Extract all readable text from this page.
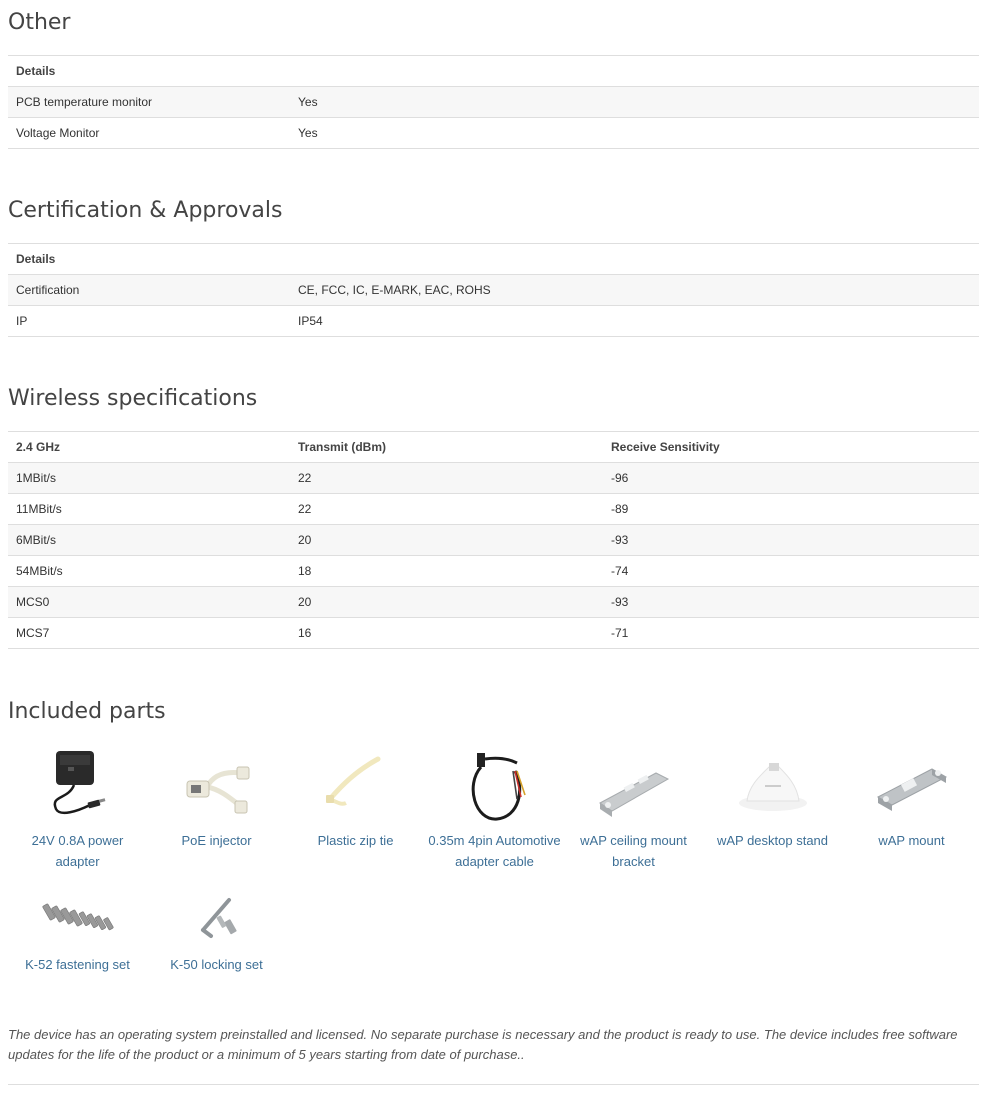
Other
Details	
PCB temperature monitor	Yes
Voltage Monitor	Yes
Certification & Approvals
Details	
Certification	CE, FCC, IC, E-MARK, EAC, ROHS
IP	IP54
Wireless specifications
2.4 GHz	Transmit (dBm)	Receive Sensitivity
1MBit/s	22	-96
11MBit/s	22	-89
6MBit/s	20	-93
54MBit/s	18	-74
MCS0	20	-93
MCS7	16	-71
Included parts
24V 0.8A power adapter
PoE injector	Plastic zip tie	0.35m 4pin Automotive adapter cable
wAP ceiling mount bracket
wAP desktop stand	wAP mount
K-52 fastening set	K-50 locking set

The device has an operating system preinstalled and licensed. No separate purchase is necessary and the product is ready to use. The device includes free software updates for the life of the product or a minimum of 5 years starting from date of purchase..
